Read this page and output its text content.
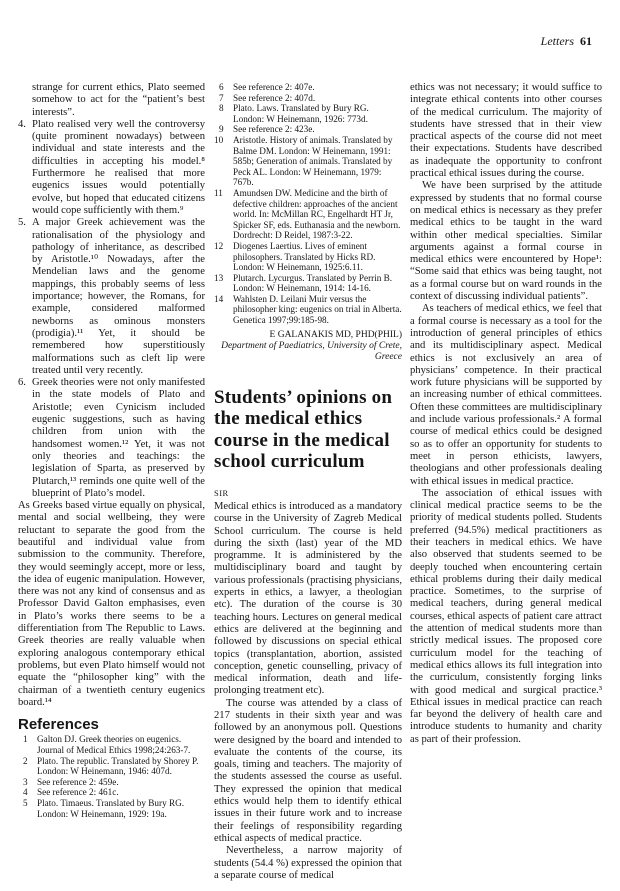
Letters 61

strange for current ethics, Plato seemed somehow to act for the “patient’s best interests”.

4. Plato realised very well the controversy (quite prominent nowadays) between individual and state interests and the difficulties in accepting his model.⁸ Furthermore he realised that more eugenics issues would potentially evolve, but hoped that educated citizens would cope sufficiently with them.⁹
5. A major Greek achievement was the rationalisation of the physiology and pathology of inheritance, as described by Aristotle.¹⁰ Nowadays, after the Mendelian laws and the genome mappings, this probably seems of less importance; however, the Romans, for example, considered malformed newborns as ominous monsters (prodigia).¹¹ Yet, it should be remembered how superstitiously malformations such as cleft lip were treated until very recently.
6. Greek theories were not only manifested in the state models of Plato and Aristotle; even Cynicism included eugenic suggestions, such as having children from union with the handsomest women.¹² Yet, it was not only theories and teachings: the legislation of Sparta, as preserved by Plutarch,¹³ reminds one quite well of the blueprint of Plato’s model.

As Greeks based virtue equally on physical, mental and social wellbeing, they were reluctant to separate the good from the beautiful and individual value from submission to the community. Therefore, they would seemingly accept, more or less, the idea of eugenic manipulation. However, there was not any kind of consensus and as Professor David Galton emphasises, even in Plato’s works there seems to be a differentiation from The Republic to Laws. Greek theories are really valuable when exploring analogous contemporary ethical problems, but even Plato himself would not equate the “philosopher king” with the chairman of a twentieth century eugenics board.¹⁴

References
1 Galton DJ. Greek theories on eugenics. Journal of Medical Ethics 1998;24:263-7.
2 Plato. The republic. Translated by Shorey P. London: W Heinemann, 1946: 407d.
3 See reference 2: 459e.
4 See reference 2: 461c.
5 Plato. Timaeus. Translated by Bury RG. London: W Heinemann, 1929: 19a.
6 See reference 2: 407e.
7 See reference 2: 407d.
8 Plato. Laws. Translated by Bury RG. London: W Heinemann, 1926: 773d.
9 See reference 2: 423e.
10 Aristotle. History of animals. Translated by Balme DM. London: W Heinemann, 1991: 585b; Generation of animals. Translated by Peck AL. London: W Heinemann, 1979: 767b.
11 Amundsen DW. Medicine and the birth of defective children: approaches of the ancient world. In: McMillan RC, Engelhardt HT Jr, Spicker SF, eds. Euthanasia and the newborn. Dordrecht: D Reidel, 1987:3-22.
12 Diogenes Laertius. Lives of eminent philosophers. Translated by Hicks RD. London: W Heinemann, 1925:6.11.
13 Plutarch. Lycurgus. Translated by Perrin B. London: W Heinemann, 1914: 14-16.
14 Wahlsten D. Leilani Muir versus the philosopher king: eugenics on trial in Alberta. Genetica 1997;99:185-98.
E GALANAKIS MD, PHD(PHIL)
Department of Paediatrics, University of Crete, Greece
Students’ opinions on the medical ethics course in the medical school curriculum
SIR

Medical ethics is introduced as a mandatory course in the University of Zagreb Medical School curriculum. The course is held during the sixth (last) year of the MD programme. It is administered by the multidisciplinary board and taught by various professionals (practising physicians, experts in ethics, a lawyer, a theologian etc). The duration of the course is 30 teaching hours. Lectures on general medical ethics are delivered at the beginning and followed by discussions on special ethical topics (transplantation, abortion, assisted conception, genetic counselling, privacy of medical information, death and life-prolonging treatment etc).

The course was attended by a class of 217 students in their sixth year and was followed by an anonymous poll. Questions were designed by the board and intended to evaluate the contents of the course, its goals, timing and teachers. The majority of the students assessed the course as useful. They expressed the opinion that medical ethics would help them to identify ethical issues in their future work and to increase their feelings of responsibility regarding ethical aspects of medical practice.

Nevertheless, a narrow majority of students (54.4 %) expressed the opinion that a separate course of medical

ethics was not necessary; it would suffice to integrate ethical contents into other courses of the medical curriculum. The majority of students have stressed that in their view practical aspects of the course did not meet their expectations. Students have described as inadequate the opportunity to confront practical ethical issues during the course.

We have been surprised by the attitude expressed by students that no formal course on medical ethics is necessary as they prefer medical ethics to be taught in the ward within other medical specialties. Similar arguments against a formal course in medical ethics were encountered by Hope¹: “Some said that ethics was being taught, not as a formal course but on ward rounds in the context of discussing individual patients”.

As teachers of medical ethics, we feel that a formal course is necessary as a tool for the introduction of general principles of ethics and its multidisciplinary aspect. Medical ethics is not exclusively an area of physicians’ competence. In their practical work future physicians will be supported by an increasing number of ethical committees. Often these committees are multidisciplinary and include various professionals.² A formal course of medical ethics could be designed so as to offer an opportunity for students to meet in person ethicists, lawyers, theologians and other professionals dealing with ethical issues in medical practice.

The association of ethical issues with clinical medical practice seems to be the priority of medical students polled. Students preferred (94.5%) medical practitioners as their teachers in medical ethics. We have also observed that students seemed to be deeply touched when encountering certain ethical problems during their daily medical practice. Sometimes, to the surprise of medical teachers, during general medical courses, ethical aspects of patient care attract the attention of medical students more than strictly medical issues. The proposed core curriculum model for the teaching of medical ethics allows its full integration into the curriculum, consistently forging links with good medical and surgical practice.³ Ethical issues in medical practice can reach far beyond the delivery of health care and introduce students to humanity and charity as part of their profession.
